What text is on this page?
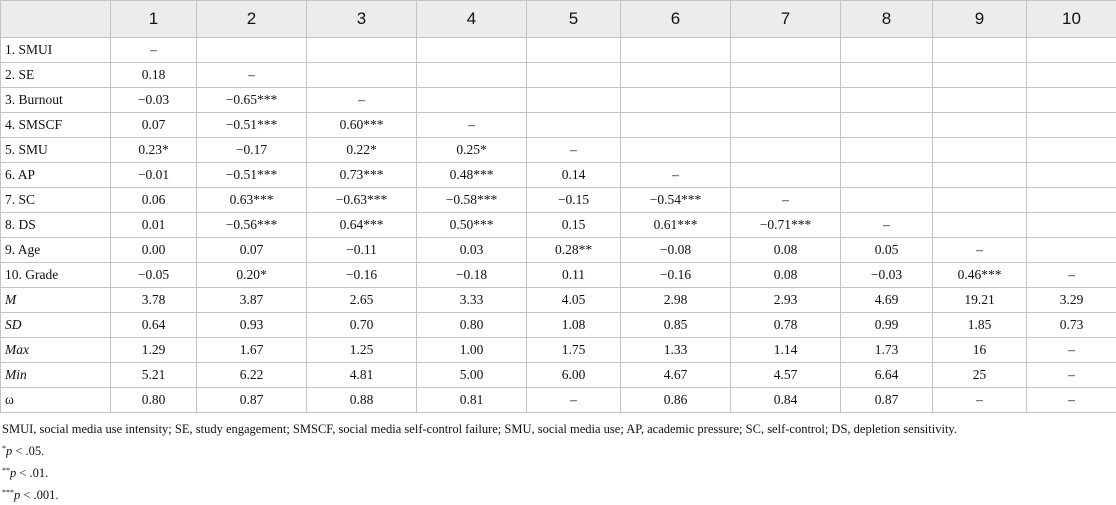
	1	2	3	4	5	6	7	8	9	10
1. SMUI	–									
2. SE	0.18	–								
3. Burnout	−0.03	−0.65***	–							
4. SMSCF	0.07	−0.51***	0.60***	–						
5. SMU	0.23*	−0.17	0.22*	0.25*	–					
6. AP	−0.01	−0.51***	0.73***	0.48***	0.14	–				
7. SC	0.06	0.63***	−0.63***	−0.58***	−0.15	−0.54***	–			
8. DS	0.01	−0.56***	0.64***	0.50***	0.15	0.61***	−0.71***	–		
9. Age	0.00	0.07	−0.11	0.03	0.28**	−0.08	0.08	0.05	–	
10. Grade	−0.05	0.20*	−0.16	−0.18	0.11	−0.16	0.08	−0.03	0.46***	–
M	3.78	3.87	2.65	3.33	4.05	2.98	2.93	4.69	19.21	3.29
SD	0.64	0.93	0.70	0.80	1.08	0.85	0.78	0.99	1.85	0.73
Max	1.29	1.67	1.25	1.00	1.75	1.33	1.14	1.73	16	–
Min	5.21	6.22	4.81	5.00	6.00	4.67	4.57	6.64	25	–
ω	0.80	0.87	0.88	0.81	–	0.86	0.84	0.87	–	–
SMUI, social media use intensity; SE, study engagement; SMSCF, social media self-control failure; SMU, social media use; AP, academic pressure; SC, self-control; DS, depletion sensitivity.
*p < .05.
**p < .01.
***p < .001.
